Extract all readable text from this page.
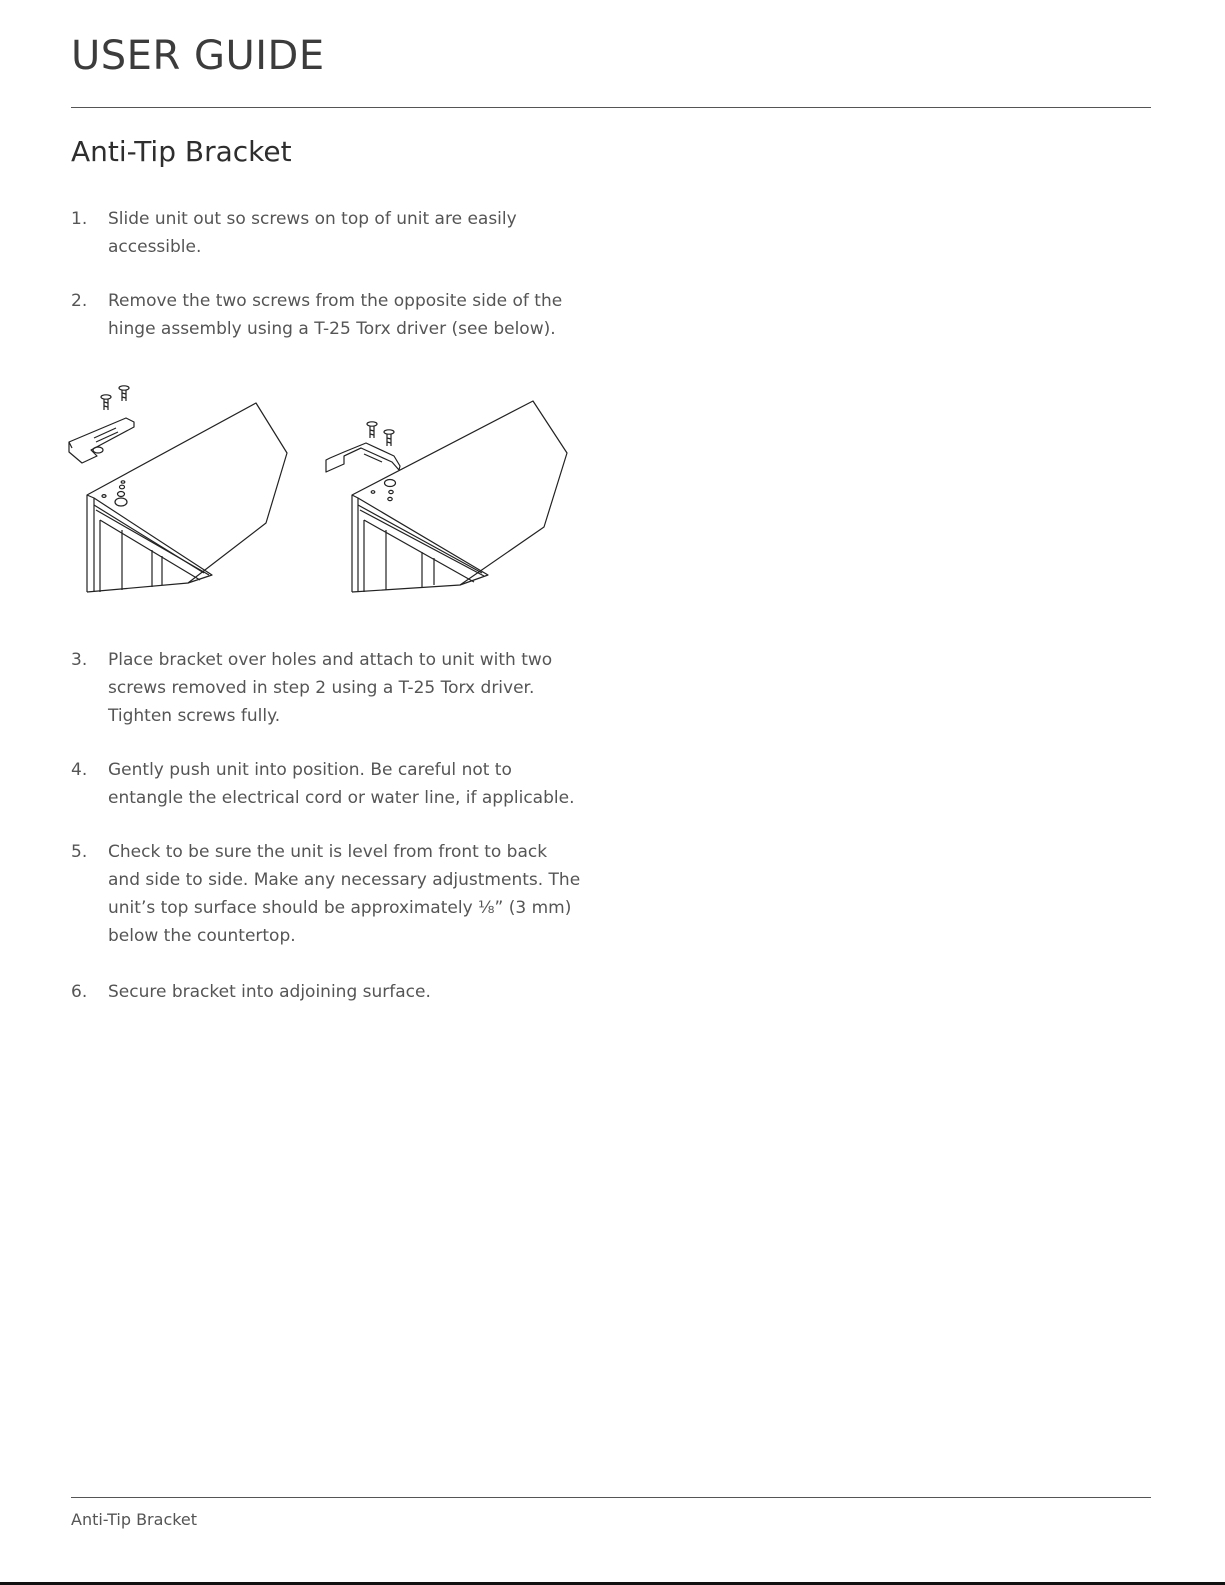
USER GUIDE
Anti-Tip Bracket
1.	Slide unit out so screws on top of unit are easily accessible.
2.	Remove the two screws from the opposite side of the hinge assembly using a T-25 Torx driver (see below).
3.	Place bracket over holes and attach to unit with two screws removed in step 2 using a T-25 Torx driver. Tighten screws fully.
4.	Gently push unit into position. Be careful not to entangle the electrical cord or water line, if applicable.
5.	Check to be sure the unit is level from front to back and side to side. Make any necessary adjustments. The unit’s top surface should be approximately ⅛” (3 mm) below the countertop.
6.	Secure bracket into adjoining surface.
Anti-Tip Bracket
